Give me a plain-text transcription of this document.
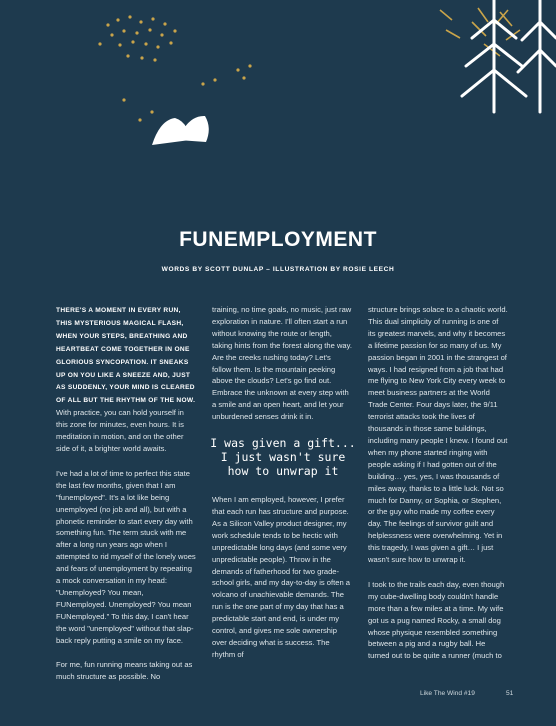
FUNEMPLOYMENT
WORDS BY SCOTT DUNLAP – ILLUSTRATION BY ROSIE LEECH

THERE'S A MOMENT IN EVERY RUN, THIS MYSTERIOUS MAGICAL FLASH, WHEN YOUR STEPS, BREATHING AND HEARTBEAT COME TOGETHER IN ONE GLORIOUS SYNCOPATION. IT SNEAKS UP ON YOU LIKE A SNEEZE AND, JUST AS SUDDENLY, YOUR MIND IS CLEARED OF ALL BUT THE RHYTHM OF THE NOW. With practice, you can hold yourself in this zone for minutes, even hours. It is meditation in motion, and on the other side of it, a brighter world awaits.

I've had a lot of time to perfect this state the last few months, given that I am "funemployed". It's a lot like being unemployed (no job and all), but with a phonetic reminder to start every day with something fun. The term stuck with me after a long run years ago when I attempted to rid myself of the lonely woes and fears of unemployment by repeating a mock conversation in my head: "Unemployed? You mean, FUNemployed. Unemployed? You mean FUNemployed." To this day, I can't hear the word "unemployed" without that slap-back reply putting a smile on my face.

For me, fun running means taking out as much structure as possible. No

training, no time goals, no music, just raw exploration in nature. I'll often start a run without knowing the route or length, taking hints from the forest along the way. Are the creeks rushing today? Let's follow them. Is the mountain peeking above the clouds? Let's go find out. Embrace the unknown at every step with a smile and an open heart, and let your unburdened senses drink it in.

I was given a gift... I just wasn't sure how to unwrap it

When I am employed, however, I prefer that each run has structure and purpose. As a Silicon Valley product designer, my work schedule tends to be hectic with unpredictable long days (and some very unpredictable people). Throw in the demands of fatherhood for two grade-school girls, and my day-to-day is often a volcano of unachievable demands. The run is the one part of my day that has a predictable start and end, is under my control, and gives me sole ownership over deciding what is success. The rhythm of

structure brings solace to a chaotic world. This dual simplicity of running is one of its greatest marvels, and why it becomes a lifetime passion for so many of us. My passion began in 2001 in the strangest of ways. I had resigned from a job that had me flying to New York City every week to meet business partners at the World Trade Center. Four days later, the 9/11 terrorist attacks took the lives of thousands in those same buildings, including many people I knew. I found out when my phone started ringing with people asking if I had gotten out of the building… yes, yes, I was thousands of miles away, thanks to a little luck. Not so much for Danny, or Sophia, or Stephen, or the guy who made my coffee every day. The feelings of survivor guilt and helplessness were overwhelming. Yet in this tragedy, I was given a gift… I just wasn't sure how to unwrap it.

I took to the trails each day, even though my cube-dwelling body couldn't handle more than a few miles at a time. My wife got us a pug named Rocky, a small dog whose physique resembled something between a pig and a rugby ball. He turned out to be quite a runner (much to

Like The Wind #19	51
